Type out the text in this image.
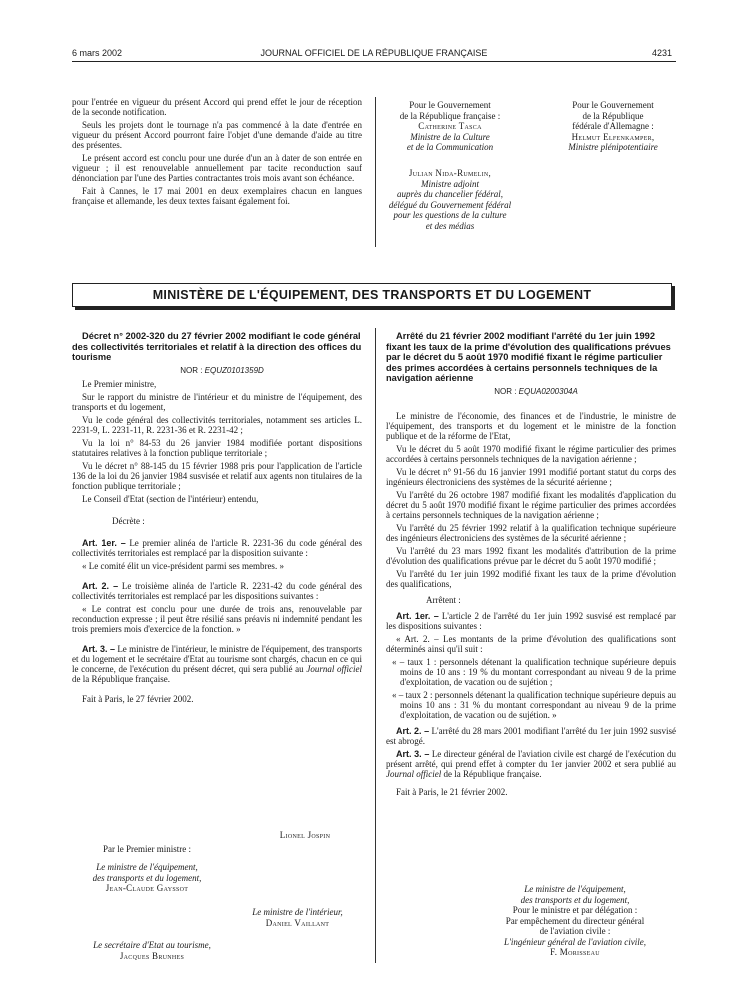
6 mars 2002	JOURNAL OFFICIEL DE LA RÉPUBLIQUE FRANÇAISE	4231

pour l'entrée en vigueur du présent Accord qui prend effet le jour de réception de la seconde notification.

Seuls les projets dont le tournage n'a pas commencé à la date d'entrée en vigueur du présent Accord pourront faire l'objet d'une demande d'aide au titre des présentes.

Le présent accord est conclu pour une durée d'un an à dater de son entrée en vigueur ; il est renouvelable annuellement par tacite reconduction sauf dénonciation par l'une des Parties contractantes trois mois avant son échéance.

Fait à Cannes, le 17 mai 2001 en deux exemplaires chacun en langues française et allemande, les deux textes faisant également foi.

Pour le Gouvernement
de la République française :
Catherine Tasca
Ministre de la Culture
et de la Communication
Pour le Gouvernement
de la République
fédérale d'Allemagne :
Helmut Elfenkamper,
Ministre plénipotentiaire
Julian Nida-Rumelin,
Ministre adjoint
auprès du chancelier fédéral,
délégué du Gouvernement fédéral
pour les questions de la culture
et des médias
MINISTÈRE DE L'ÉQUIPEMENT, DES TRANSPORTS ET DU LOGEMENT

Décret n° 2002-320 du 27 février 2002 modifiant le code général des collectivités territoriales et relatif à la direction des offices du tourisme

NOR : EQUZ0101359D

Le Premier ministre,

Sur le rapport du ministre de l'intérieur et du ministre de l'équipement, des transports et du logement,

Vu le code général des collectivités territoriales, notamment ses articles L. 2231-9, L. 2231-11, R. 2231-36 et R. 2231-42 ;

Vu la loi n° 84-53 du 26 janvier 1984 modifiée portant dispositions statutaires relatives à la fonction publique territoriale ;

Vu le décret n° 88-145 du 15 février 1988 pris pour l'application de l'article 136 de la loi du 26 janvier 1984 susvisée et relatif aux agents non titulaires de la fonction publique territoriale ;

Le Conseil d'Etat (section de l'intérieur) entendu,

Décrète :

Art. 1er. – Le premier alinéa de l'article R. 2231-36 du code général des collectivités territoriales est remplacé par la disposition suivante :

« Le comité élit un vice-président parmi ses membres. »

Art. 2. – Le troisième alinéa de l'article R. 2231-42 du code général des collectivités territoriales est remplacé par les dispositions suivantes :

« Le contrat est conclu pour une durée de trois ans, renouvelable par reconduction expresse ; il peut être résilié sans préavis ni indemnité pendant les trois premiers mois d'exercice de la fonction. »

Art. 3. – Le ministre de l'intérieur, le ministre de l'équipement, des transports et du logement et le secrétaire d'Etat au tourisme sont chargés, chacun en ce qui le concerne, de l'exécution du présent décret, qui sera publié au Journal officiel de la République française.

Fait à Paris, le 27 février 2002.

Lionel Jospin
Par le Premier ministre :
Le ministre de l'équipement,
des transports et du logement,
Jean-Claude Gayssot
Le ministre de l'intérieur,
Daniel Vaillant
Le secrétaire d'Etat au tourisme,
Jacques Brunhes

Arrêté du 21 février 2002 modifiant l'arrêté du 1er juin 1992 fixant les taux de la prime d'évolution des qualifications prévues par le décret du 5 août 1970 modifié fixant le régime particulier des primes accordées à certains personnels techniques de la navigation aérienne

NOR : EQUA0200304A

Le ministre de l'économie, des finances et de l'industrie, le ministre de l'équipement, des transports et du logement et le ministre de la fonction publique et de la réforme de l'Etat,

Vu le décret du 5 août 1970 modifié fixant le régime particulier des primes accordées à certains personnels techniques de la navigation aérienne ;

Vu le décret n° 91-56 du 16 janvier 1991 modifié portant statut du corps des ingénieurs électroniciens des systèmes de la sécurité aérienne ;

Vu l'arrêté du 26 octobre 1987 modifié fixant les modalités d'application du décret du 5 août 1970 modifié fixant le régime particulier des primes accordées à certains personnels techniques de la navigation aérienne ;

Vu l'arrêté du 25 février 1992 relatif à la qualification technique supérieure des ingénieurs électroniciens des systèmes de la sécurité aérienne ;

Vu l'arrêté du 23 mars 1992 fixant les modalités d'attribution de la prime d'évolution des qualifications prévue par le décret du 5 août 1970 modifié ;

Vu l'arrêté du 1er juin 1992 modifié fixant les taux de la prime d'évolution des qualifications,

Arrêtent :

Art. 1er. – L'article 2 de l'arrêté du 1er juin 1992 susvisé est remplacé par les dispositions suivantes :

« Art. 2. – Les montants de la prime d'évolution des qualifications sont déterminés ainsi qu'il suit :

« – taux 1 : personnels détenant la qualification technique supérieure depuis moins de 10 ans : 19 % du montant correspondant au niveau 9 de la prime d'exploitation, de vacation ou de sujétion ;

« – taux 2 : personnels détenant la qualification technique supérieure depuis au moins 10 ans : 31 % du montant correspondant au niveau 9 de la prime d'exploitation, de vacation ou de sujétion. »

Art. 2. – L'arrêté du 28 mars 2001 modifiant l'arrêté du 1er juin 1992 susvisé est abrogé.

Art. 3. – Le directeur général de l'aviation civile est chargé de l'exécution du présent arrêté, qui prend effet à compter du 1er janvier 2002 et sera publié au Journal officiel de la République française.

Fait à Paris, le 21 février 2002.

Le ministre de l'équipement,
des transports et du logement,
Pour le ministre et par délégation :
Par empêchement du directeur général
de l'aviation civile :
L'ingénieur général de l'aviation civile,
F. Morisseau
